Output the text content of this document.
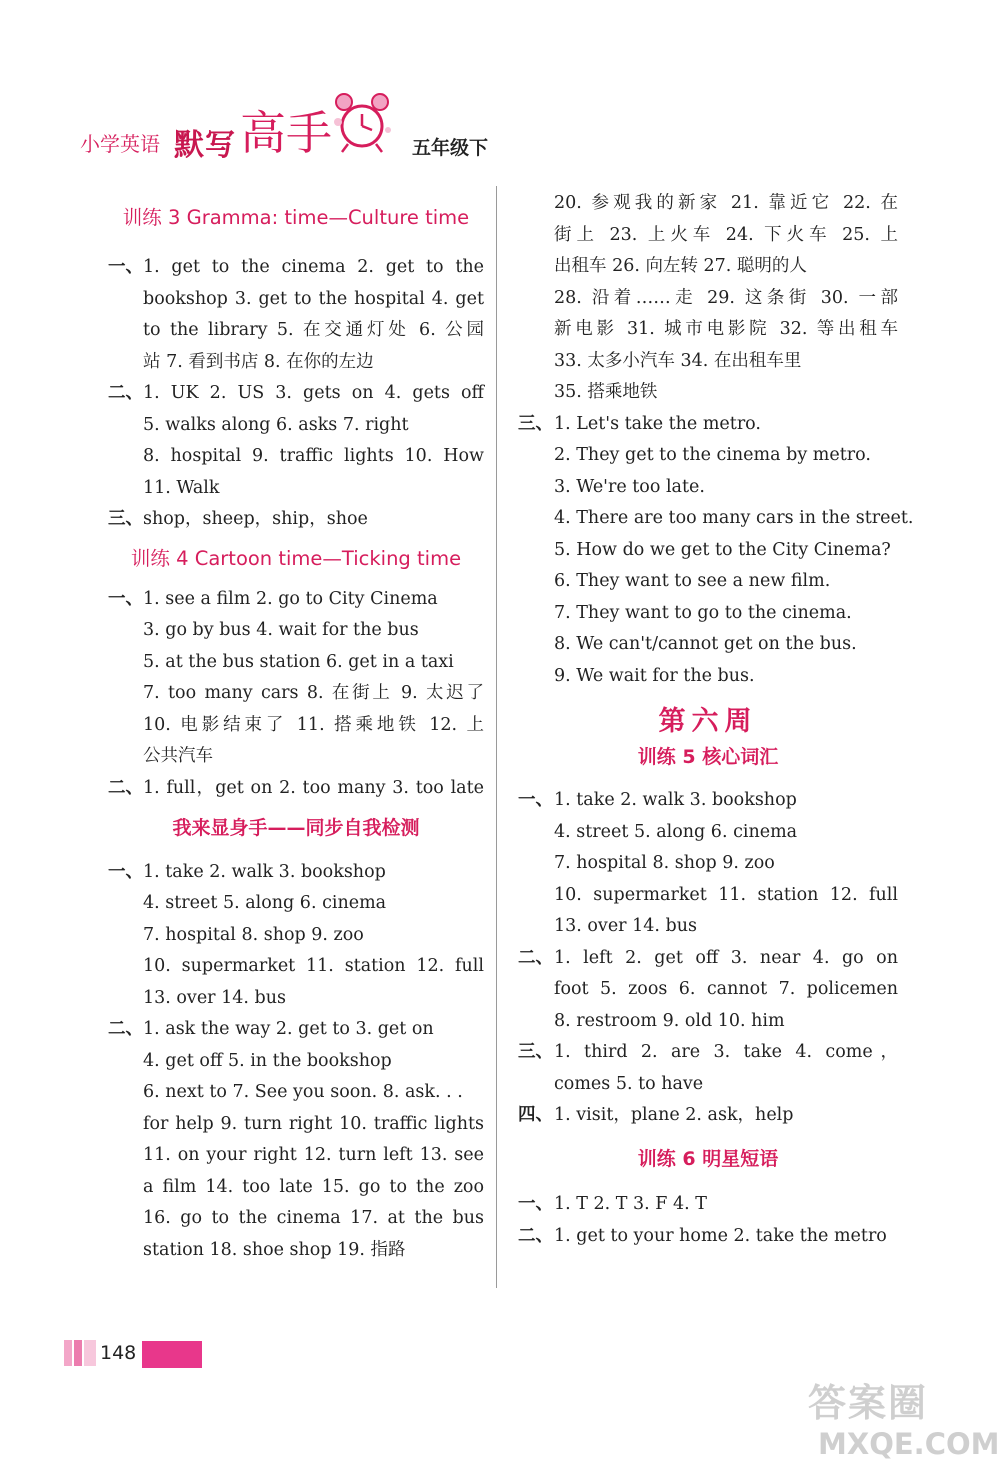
小学英语 默写 高手	五年级下
训练 3 Gramma: time—Culture time
一、 1. get to the cinema 2. get to the
bookshop 3. get to the hospital 4. get
to the library 5. 在交通灯处 6. 公园
站 7. 看到书店 8. 在你的左边
二、 1. UK 2. US 3. gets on 4. gets off
5. walks along 6. asks 7. right
8. hospital 9. traffic lights 10. How
11. Walk
三、 shop，sheep，ship，shoe
训练 4 Cartoon time—Ticking time
一、 1. see a film 2. go to City Cinema
3. go by bus 4. wait for the bus
5. at the bus station 6. get in a taxi
7. too many cars 8. 在街上 9. 太迟了
10. 电影结束了 11. 搭乘地铁 12. 上
公共汽车
二、 1. full，get on 2. too many 3. too late
我来显身手——同步自我检测
一、 1. take 2. walk 3. bookshop
4. street 5. along 6. cinema
7. hospital 8. shop 9. zoo
10. supermarket 11. station 12. full
13. over 14. bus
二、 1. ask the way 2. get to 3. get on
4. get off 5. in the bookshop
6. next to 7. See you soon. 8. ask. . .
for help 9. turn right 10. traffic lights
11. on your right 12. turn left 13. see
a film 14. too late 15. go to the zoo
16. go to the cinema 17. at the bus
station 18. shoe shop 19. 指路
20. 参观我的新家 21. 靠近它 22. 在
街上 23. 上火车 24. 下火车 25. 上
出租车 26. 向左转 27. 聪明的人
28. 沿着……走 29. 这条街 30. 一部
新电影 31. 城市电影院 32. 等出租车
33. 太多小汽车 34. 在出租车里
35. 搭乘地铁
三、 1. Let's take the metro.
2. They get to the cinema by metro.
3. We're too late.
4. There are too many cars in the street.
5. How do we get to the City Cinema?
6. They want to see a new film.
7. They want to go to the cinema.
8. We can't/cannot get on the bus.
9. We wait for the bus.
第六周
训练 5 核心词汇
一、 1. take 2. walk 3. bookshop
4. street 5. along 6. cinema
7. hospital 8. shop 9. zoo
10. supermarket 11. station 12. full
13. over 14. bus
二、 1. left 2. get off 3. near 4. go on
foot 5. zoos 6. cannot 7. policemen
8. restroom 9. old 10. him
三、 1. third 2. are 3. take 4. come，
comes 5. to have
四、 1. visit，plane 2. ask，help
训练 6 明星短语
一、 1. T 2. T 3. F 4. T
二、 1. get to your home 2. take the metro
148
答案圈
MXQE.COM
